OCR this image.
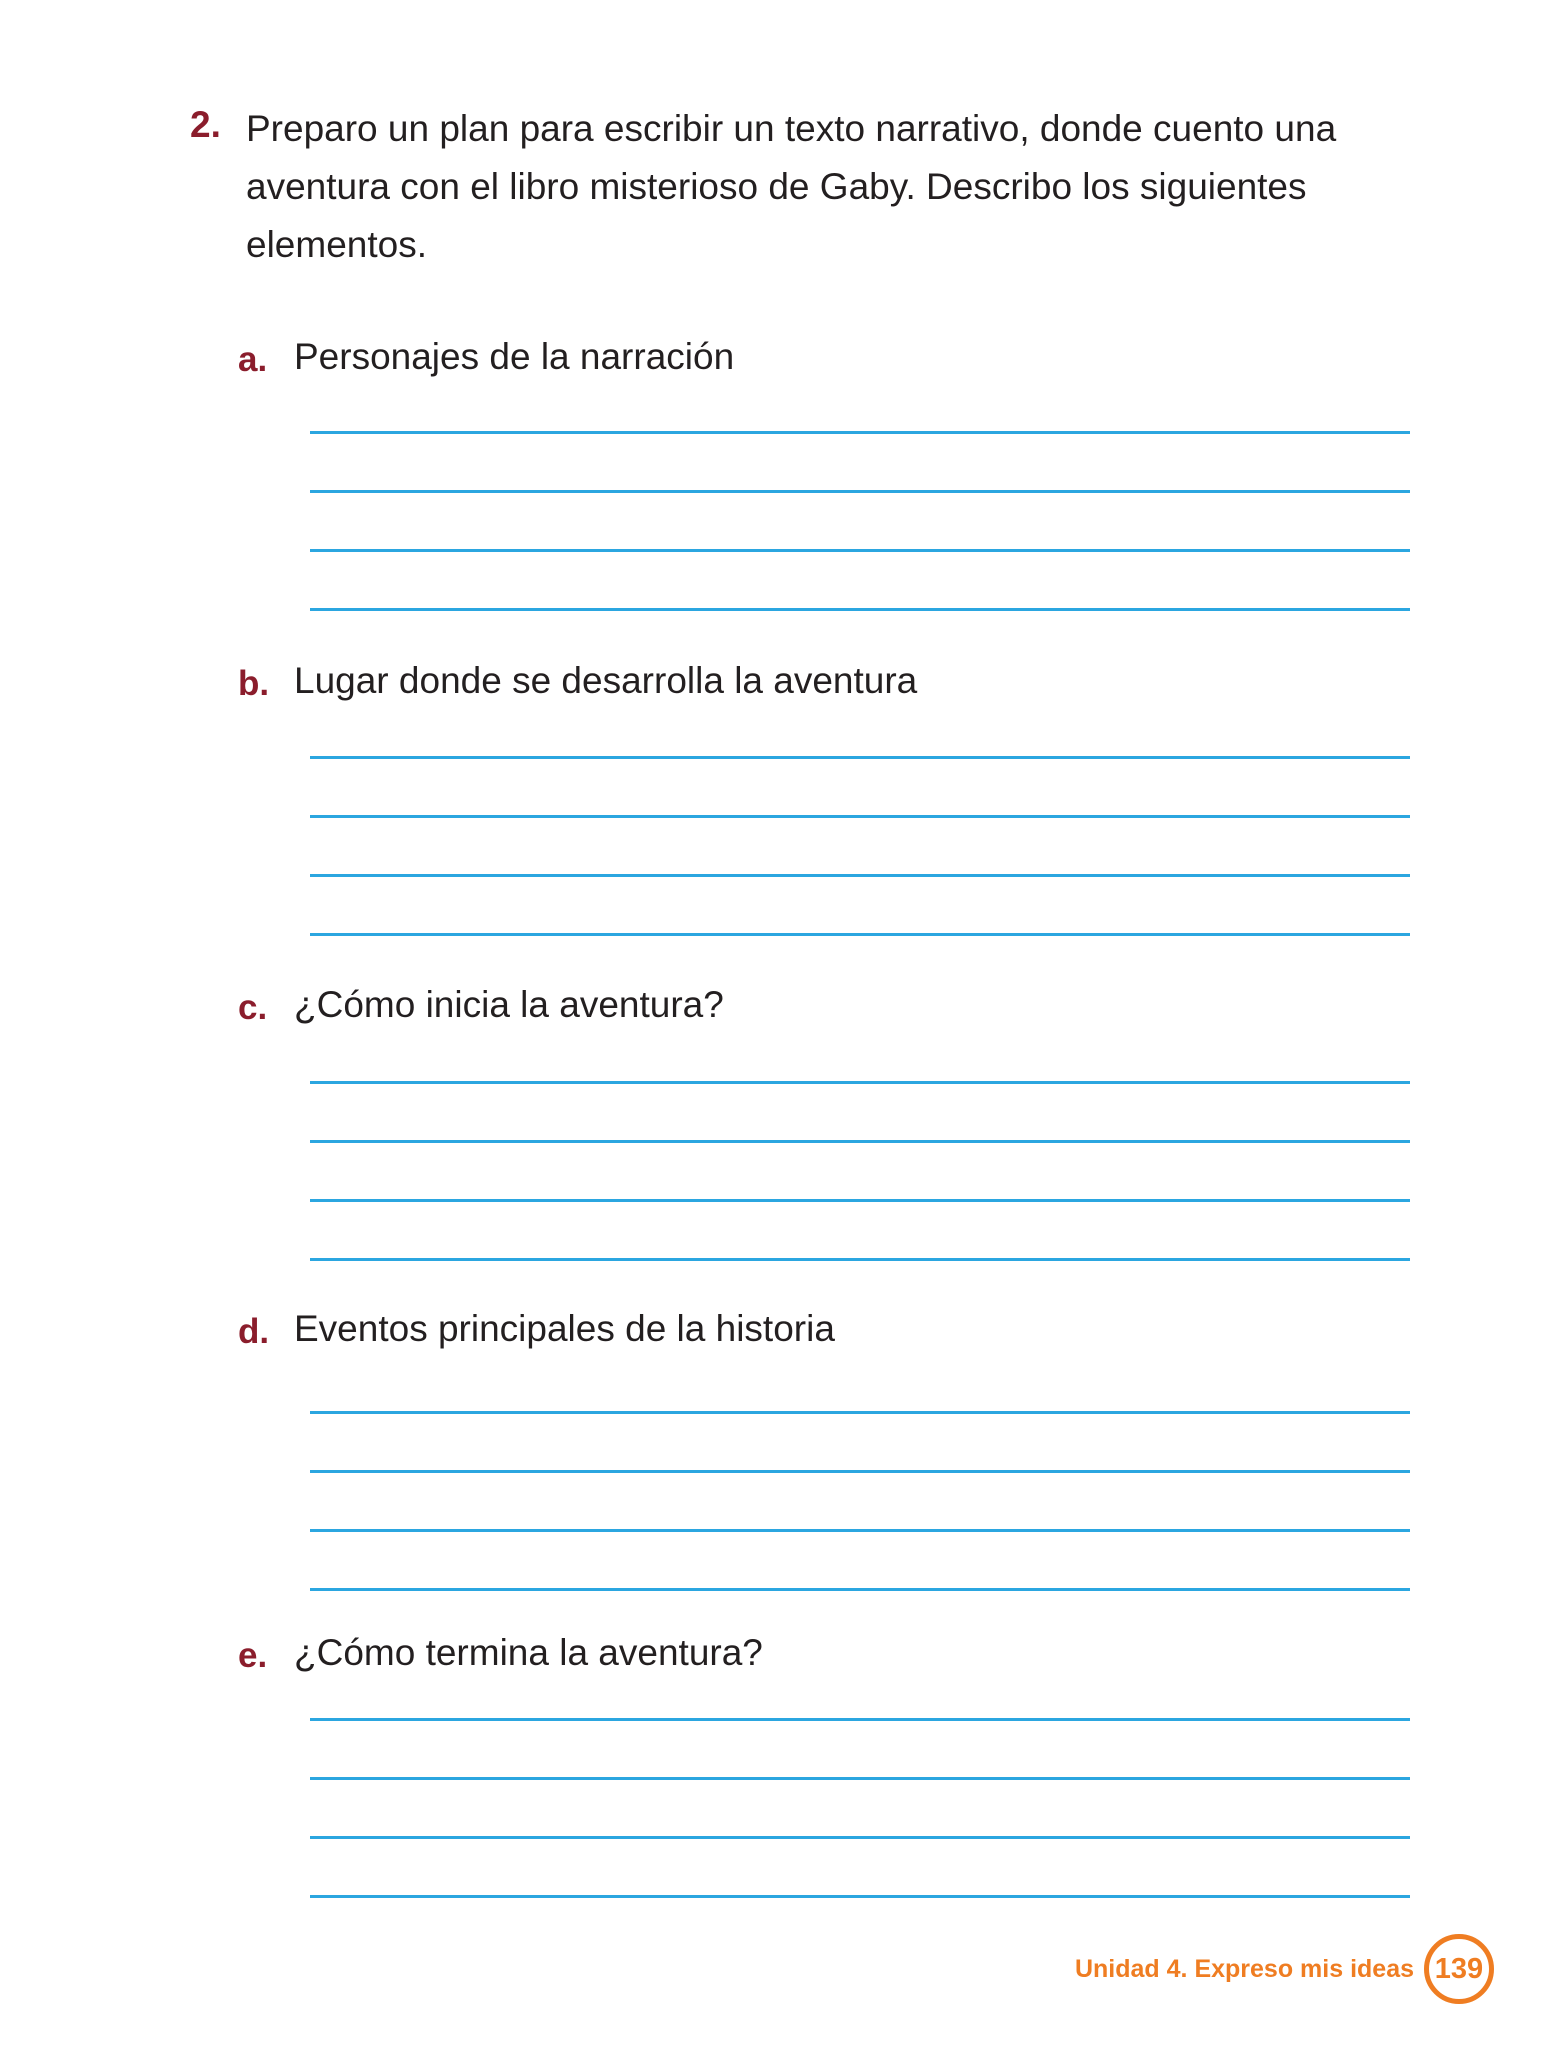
2. Preparo un plan para escribir un texto narrativo, donde cuento una aventura con el libro misterioso de Gaby. Describo los siguientes elementos.
a. Personajes de la narración
b. Lugar donde se desarrolla la aventura
c. ¿Cómo inicia la aventura?
d. Eventos principales de la historia
e. ¿Cómo termina la aventura?
Unidad 4. Expreso mis ideas 139
